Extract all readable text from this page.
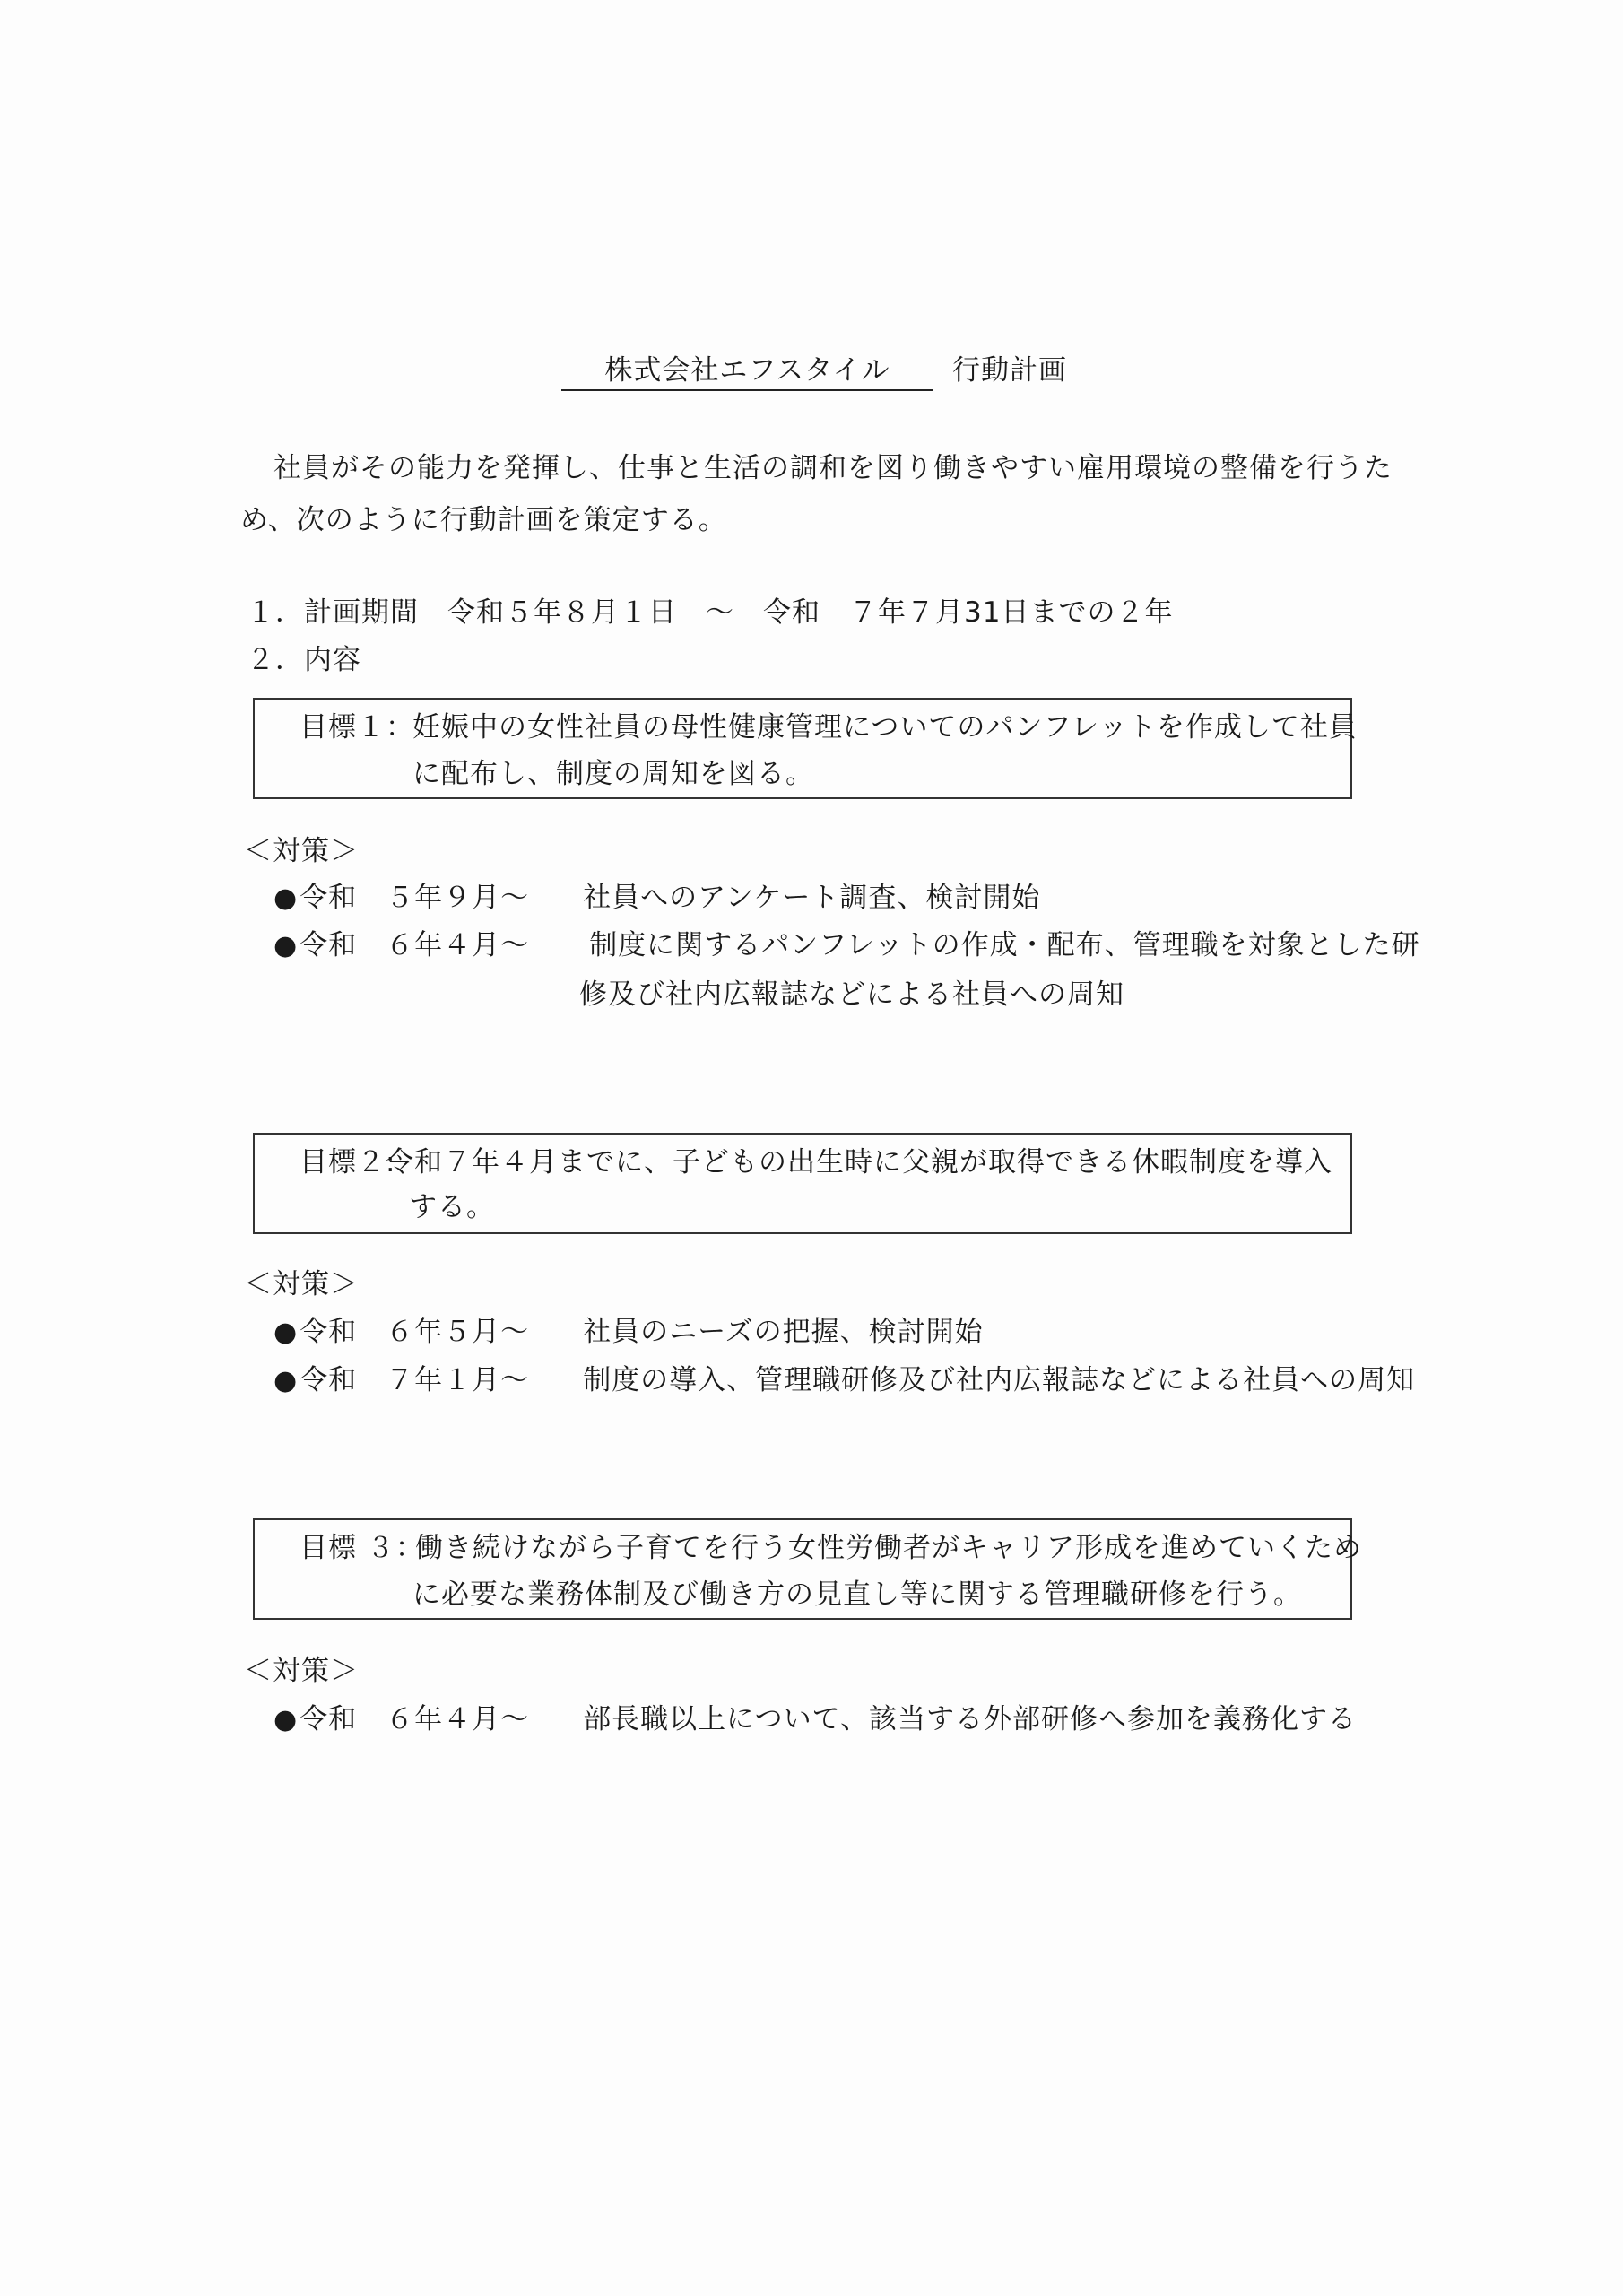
株式会社エフスタイル	行動計画
社員がその能力を発揮し、仕事と生活の調和を図り働きやすい雇用環境の整備を行うた
め、次のように行動計画を策定する。
１．計画期間　令和５年８月１日　～　令和　７年７月31日までの２年
２．内容
目標１：
妊娠中の女性社員の母性健康管理についてのパンフレットを作成して社員
に配布し、制度の周知を図る。
＜対策＞
●令和　５年９月～ 社員へのアンケート調査、検討開始
●令和　６年４月～ 制度に関するパンフレットの作成・配布、管理職を対象とした研
修及び社内広報誌などによる社員への周知
目標２:
令和７年４月までに、子どもの出生時に父親が取得できる休暇制度を導入
する。
＜対策＞
●令和　６年５月～ 社員のニーズの把握、検討開始
●令和　７年１月～ 制度の導入、管理職研修及び社内広報誌などによる社員への周知
目標 ３：
働き続けながら子育てを行う女性労働者がキャリア形成を進めていくため
に必要な業務体制及び働き方の見直し等に関する管理職研修を行う。
＜対策＞
●令和　６年４月～ 部長職以上について、該当する外部研修へ参加を義務化する
